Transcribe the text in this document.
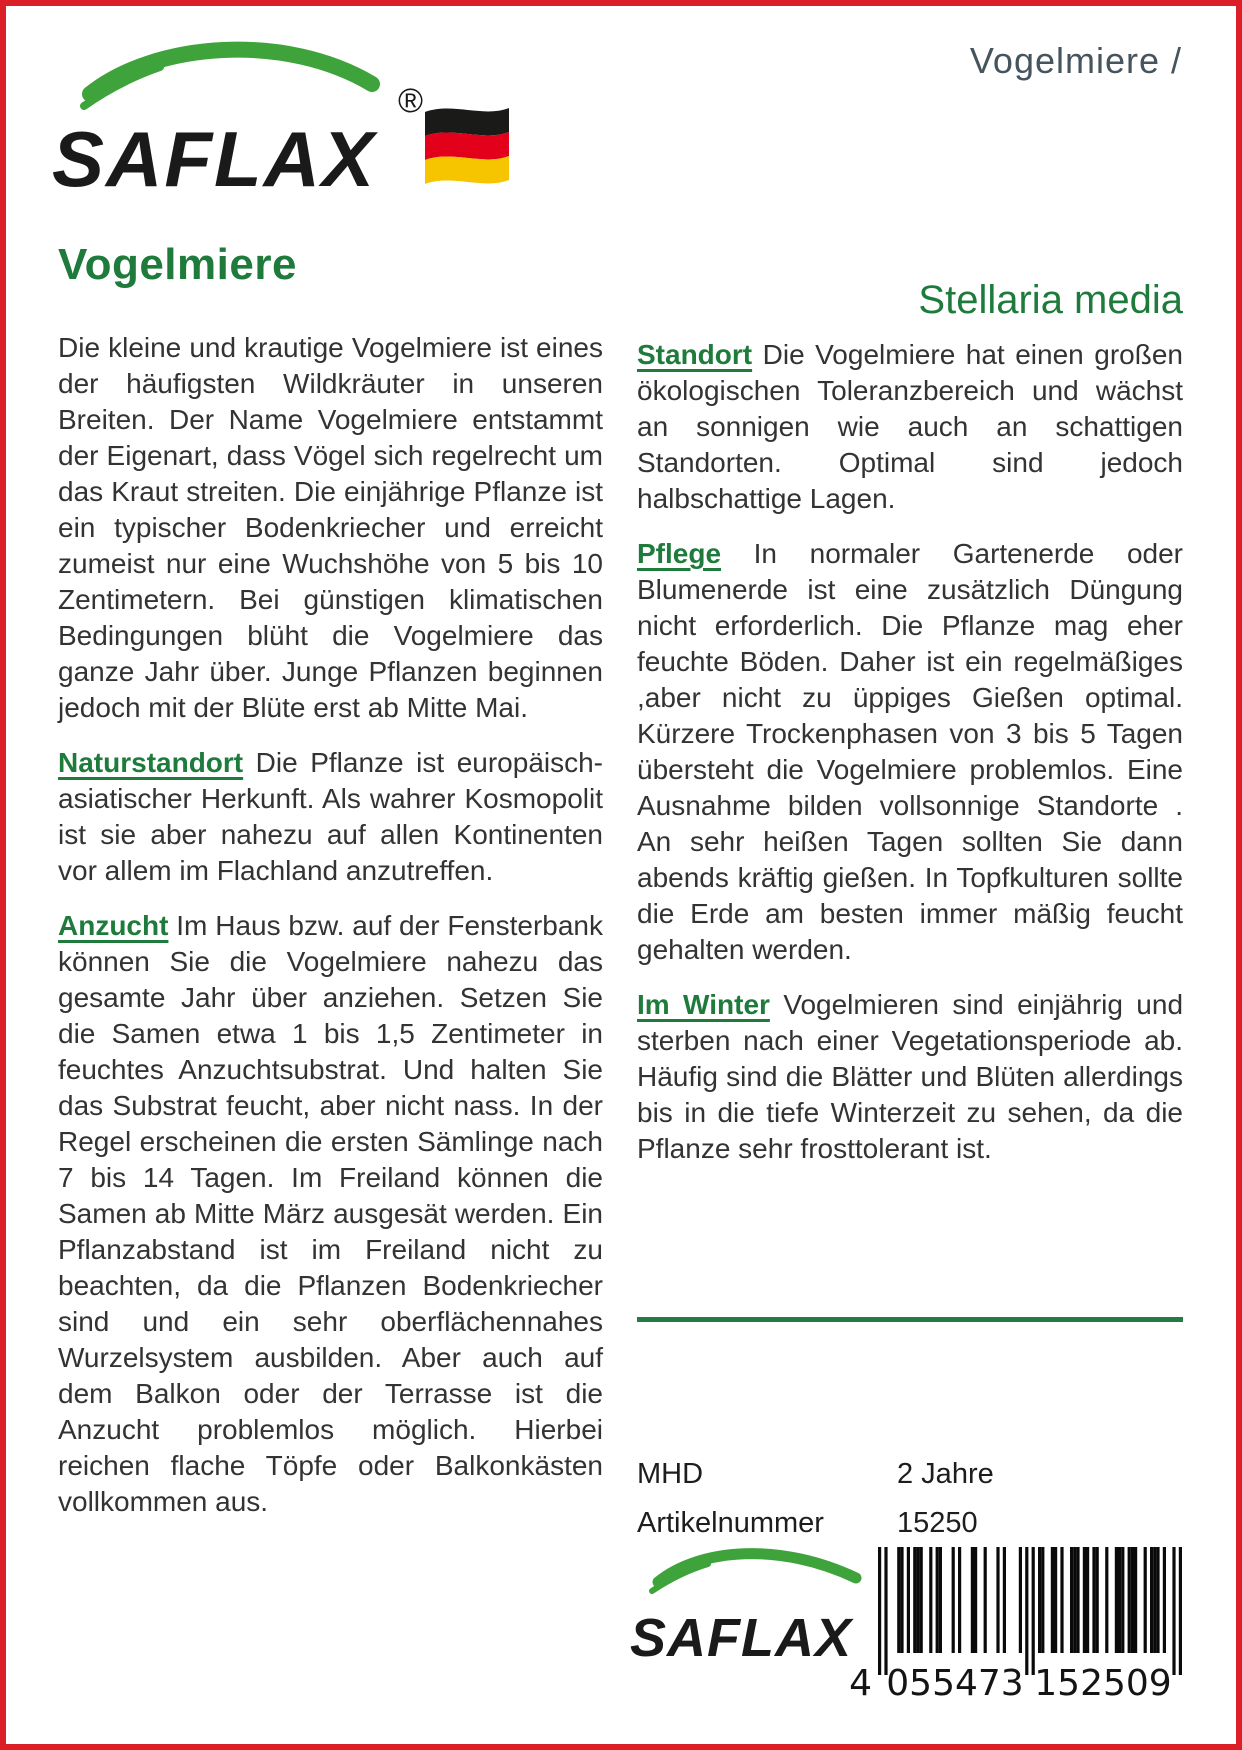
Vogelmiere /
SAFLAX
®
Vogelmiere

Die kleine und krautige Vogelmiere ist eines der häufigsten Wildkräuter in unseren Breiten. Der Name Vogelmiere entstammt der Eigenart, dass Vögel sich regelrecht um das Kraut streiten. Die einjährige Pflanze ist ein typischer Bodenkriecher und erreicht zumeist nur eine Wuchshöhe von 5 bis 10 Zentimetern. Bei günstigen klimatischen Bedingungen blüht die Vogelmiere das ganze Jahr über. Junge Pflanzen beginnen jedoch mit der Blüte erst ab Mitte Mai.

Naturstandort Die Pflanze ist europäisch-asiatischer Herkunft. Als wahrer Kosmopolit ist sie aber nahezu auf allen Kontinenten vor allem im Flachland anzutreffen.

Anzucht Im Haus bzw. auf der Fensterbank können Sie die Vogelmiere nahezu das gesamte Jahr über anziehen. Setzen Sie die Samen etwa 1 bis 1,5 Zentimeter in feuchtes Anzuchtsubstrat. Und halten Sie das Substrat feucht, aber nicht nass. In der Regel erscheinen die ersten Sämlinge nach 7 bis 14 Tagen. Im Freiland können die Samen ab Mitte März ausgesät werden. Ein Pflanzabstand ist im Freiland nicht zu beachten, da die Pflanzen Bodenkriecher sind und ein sehr oberflächennahes Wurzelsystem ausbilden. Aber auch auf dem Balkon oder der Terrasse ist die Anzucht problemlos möglich. Hierbei reichen flache Töpfe oder Balkonkästen vollkommen aus.

Stellaria media

Standort Die Vogelmiere hat einen großen ökologischen Toleranzbereich und wächst an sonnigen wie auch an schattigen Standorten. Optimal sind jedoch halbschattige Lagen.

Pflege In normaler Gartenerde oder Blumenerde ist eine zusätzlich Düngung nicht erforderlich. Die Pflanze mag eher feuchte Böden. Daher ist ein regelmäßiges ,aber nicht zu üppiges Gießen optimal. Kürzere Trockenphasen von 3 bis 5 Tagen übersteht die Vogelmiere problemlos. Eine Ausnahme bilden vollsonnige Standorte . An sehr heißen Tagen sollten Sie dann abends kräftig gießen. In Topfkulturen sollte die Erde am besten immer mäßig feucht gehalten werden.

Im Winter Vogelmieren sind einjährig und sterben nach einer Vegetationsperiode ab. Häufig sind die Blätter und Blüten allerdings bis in die tiefe Winterzeit zu sehen, da die Pflanze sehr frosttolerant ist.

MHD	2 Jahre
Artikelnummer	15250
SAFLAX
4 055473 152509
